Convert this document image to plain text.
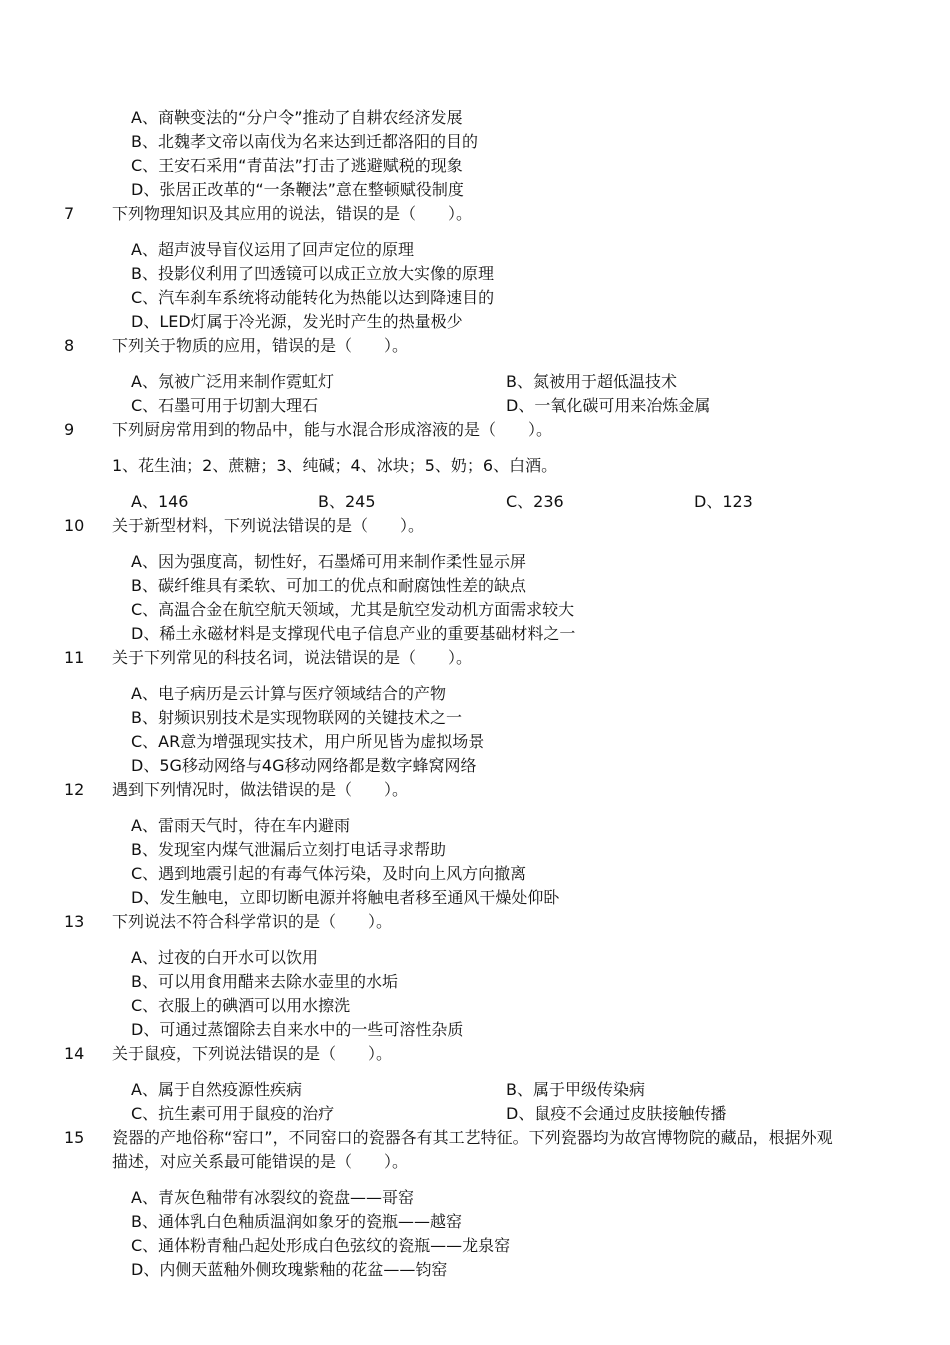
A、商鞅变法的“分户令”推动了自耕农经济发展
B、北魏孝文帝以南伐为名来达到迁都洛阳的目的
C、王安石采用“青苗法”打击了逃避赋税的现象
D、张居正改革的“一条鞭法”意在整顿赋役制度
7 下列物理知识及其应用的说法，错误的是（　　）。
A、超声波导盲仪运用了回声定位的原理
B、投影仪利用了凹透镜可以成正立放大实像的原理
C、汽车刹车系统将动能转化为热能以达到降速目的
D、LED灯属于冷光源，发光时产生的热量极少
8 下列关于物质的应用，错误的是（　　）。
A、氖被广泛用来制作霓虹灯	B、氮被用于超低温技术
C、石墨可用于切割大理石	D、一氧化碳可用来冶炼金属
9 下列厨房常用到的物品中，能与水混合形成溶液的是（　　）。
1、花生油；2、蔗糖；3、纯碱；4、冰块；5、奶；6、白酒。
A、146	B、245	C、236	D、123
10 关于新型材料，下列说法错误的是（　　）。
A、因为强度高，韧性好，石墨烯可用来制作柔性显示屏
B、碳纤维具有柔软、可加工的优点和耐腐蚀性差的缺点
C、高温合金在航空航天领域，尤其是航空发动机方面需求较大
D、稀土永磁材料是支撑现代电子信息产业的重要基础材料之一
11 关于下列常见的科技名词，说法错误的是（　　）。
A、电子病历是云计算与医疗领域结合的产物
B、射频识别技术是实现物联网的关键技术之一
C、AR意为增强现实技术，用户所见皆为虚拟场景
D、5G移动网络与4G移动网络都是数字蜂窝网络
12 遇到下列情况时，做法错误的是（　　）。
A、雷雨天气时，待在车内避雨
B、发现室内煤气泄漏后立刻打电话寻求帮助
C、遇到地震引起的有毒气体污染，及时向上风方向撤离
D、发生触电，立即切断电源并将触电者移至通风干燥处仰卧
13 下列说法不符合科学常识的是（　　）。
A、过夜的白开水可以饮用
B、可以用食用醋来去除水壶里的水垢
C、衣服上的碘酒可以用水擦洗
D、可通过蒸馏除去自来水中的一些可溶性杂质
14 关于鼠疫，下列说法错误的是（　　）。
A、属于自然疫源性疾病	B、属于甲级传染病
C、抗生素可用于鼠疫的治疗	D、鼠疫不会通过皮肤接触传播
15 瓷器的产地俗称“窑口”，不同窑口的瓷器各有其工艺特征。下列瓷器均为故宫博物院的藏品，根据外观
描述，对应关系最可能错误的是（　　）。
A、青灰色釉带有冰裂纹的瓷盘——哥窑
B、通体乳白色釉质温润如象牙的瓷瓶——越窑
C、通体粉青釉凸起处形成白色弦纹的瓷瓶——龙泉窑
D、内侧天蓝釉外侧玫瑰紫釉的花盆——钧窑
